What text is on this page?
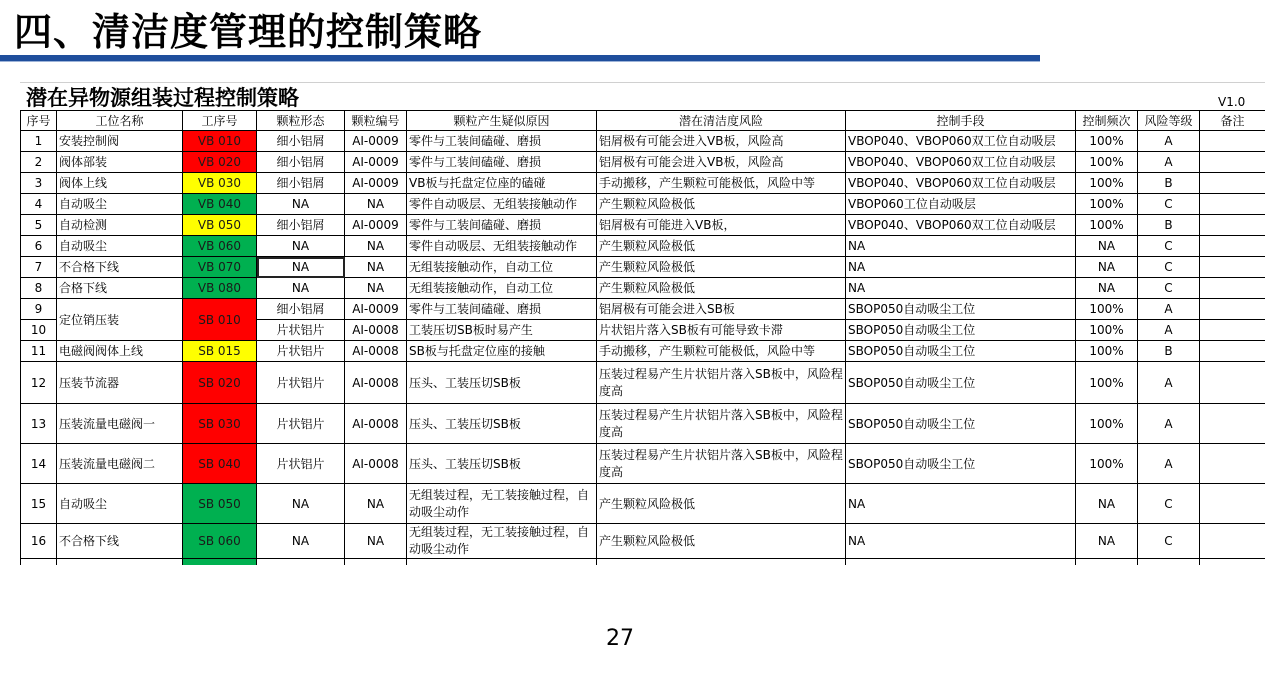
四、清洁度管理的控制策略
潜在异物源组装过程控制策略	V1.0
序号	工位名称	工序号	颗粒形态	颗粒编号	颗粒产生疑似原因	潜在清洁度风险	控制手段	控制频次	风险等级	备注
1	安装控制阀	VB 010	细小铝屑	AI-0009	零件与工装间磕碰、磨损	铝屑极有可能会进入VB板，风险高	VBOP040、VBOP060双工位自动吸层	100%	A	
2	阀体部装	VB 020	细小铝屑	AI-0009	零件与工装间磕碰、磨损	铝屑极有可能会进入VB板，风险高	VBOP040、VBOP060双工位自动吸层	100%	A	
3	阀体上线	VB 030	细小铝屑	AI-0009	VB板与托盘定位座的磕碰	手动搬移，产生颗粒可能极低，风险中等	VBOP040、VBOP060双工位自动吸层	100%	B	
4	自动吸尘	VB 040	NA	NA	零件自动吸层、无组装接触动作	产生颗粒风险极低	VBOP060工位自动吸层	100%	C	
5	自动检测	VB 050	细小铝屑	AI-0009	零件与工装间磕碰、磨损	铝屑极有可能进入VB板，	VBOP040、VBOP060双工位自动吸层	100%	B	
6	自动吸尘	VB 060	NA	NA	零件自动吸层、无组装接触动作	产生颗粒风险极低	NA	NA	C	
7	不合格下线	VB 070	NA	NA	无组装接触动作，自动工位	产生颗粒风险极低	NA	NA	C	
8	合格下线	VB 080	NA	NA	无组装接触动作，自动工位	产生颗粒风险极低	NA	NA	C	
9	定位销压装	SB 010	细小铝屑	AI-0009	零件与工装间磕碰、磨损	铝屑极有可能会进入SB板	SBOP050自动吸尘工位	100%	A	
10			片状铝片	AI-0008	工装压切SB板时易产生	片状铝片落入SB板有可能导致卡滞	SBOP050自动吸尘工位	100%	A	
11	电磁阀阀体上线	SB 015	片状铝片	AI-0008	SB板与托盘定位座的接触	手动搬移，产生颗粒可能极低，风险中等	SBOP050自动吸尘工位	100%	B	
12	压装节流器	SB 020	片状铝片	AI-0008	压头、工装压切SB板	压装过程易产生片状铝片落入SB板中，风险程度高	SBOP050自动吸尘工位	100%	A	
13	压装流量电磁阀一	SB 030	片状铝片	AI-0008	压头、工装压切SB板	压装过程易产生片状铝片落入SB板中，风险程度高	SBOP050自动吸尘工位	100%	A	
14	压装流量电磁阀二	SB 040	片状铝片	AI-0008	压头、工装压切SB板	压装过程易产生片状铝片落入SB板中，风险程度高	SBOP050自动吸尘工位	100%	A	
15	自动吸尘	SB 050	NA	NA	无组装过程，无工装接触过程，自动吸尘动作	产生颗粒风险极低	NA	NA	C	
16	不合格下线	SB 060	NA	NA	无组装过程，无工装接触过程，自动吸尘动作	产生颗粒风险极低	NA	NA	C	

27
